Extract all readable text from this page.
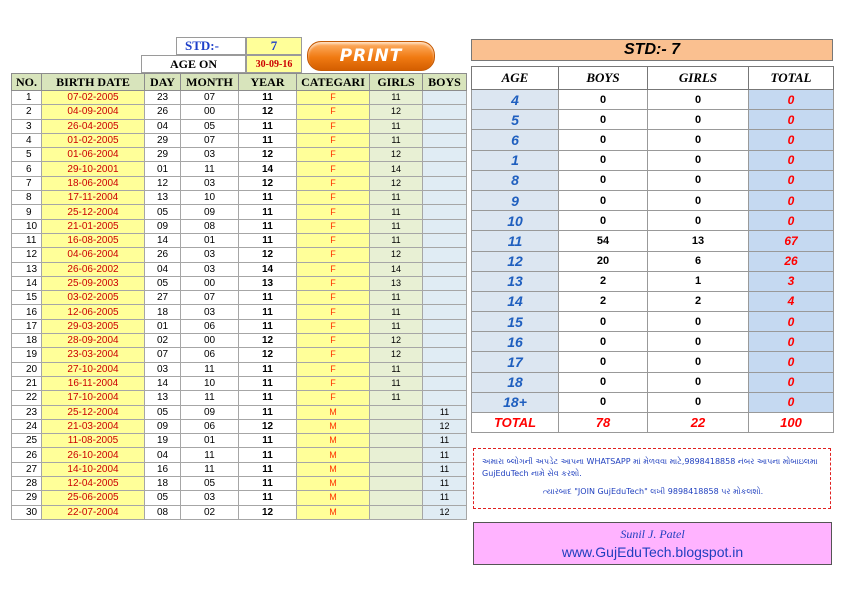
STD:-	7
AGE ON	30-09-16	PRINT
NO.	BIRTH DATE	DAY	MONTH	YEAR	CATEGARI	GIRLS	BOYS
1	07-02-2005	23	07	11	F	11	
2	04-09-2004	26	00	12	F	12	
3	26-04-2005	04	05	11	F	11	
4	01-02-2005	29	07	11	F	11	
5	01-06-2004	29	03	12	F	12	
6	29-10-2001	01	11	14	F	14	
7	18-06-2004	12	03	12	F	12	
8	17-11-2004	13	10	11	F	11	
9	25-12-2004	05	09	11	F	11	
10	21-01-2005	09	08	11	F	11	
11	16-08-2005	14	01	11	F	11	
12	04-06-2004	26	03	12	F	12	
13	26-06-2002	04	03	14	F	14	
14	25-09-2003	05	00	13	F	13	
15	03-02-2005	27	07	11	F	11	
16	12-06-2005	18	03	11	F	11	
17	29-03-2005	01	06	11	F	11	
18	28-09-2004	02	00	12	F	12	
19	23-03-2004	07	06	12	F	12	
20	27-10-2004	03	11	11	F	11	
21	16-11-2004	14	10	11	F	11	
22	17-10-2004	13	11	11	F	11	
23	25-12-2004	05	09	11	M		11
24	21-03-2004	09	06	12	M		12
25	11-08-2005	19	01	11	M		11
26	26-10-2004	04	11	11	M		11
27	14-10-2004	16	11	11	M		11
28	12-04-2005	18	05	11	M		11
29	25-06-2005	05	03	11	M		11
30	22-07-2004	08	02	12	M		12
STD:- 7
AGE	BOYS	GIRLS	TOTAL
4	0	0	0
5	0	0	0
6	0	0	0
1	0	0	0
8	0	0	0
9	0	0	0
10	0	0	0
11	54	13	67
12	20	6	26
13	2	1	3
14	2	2	4
15	0	0	0
16	0	0	0
17	0	0	0
18	0	0	0
18+	0	0	0
TOTAL	78	22	100
અમારા બ્લોગની અપડેટ આપના WHATSAPP માં મેળવવા માટે,9898418858 નંબર આપના મોબાઇલમા GujEduTech નામે સેવ કરશો.
ત્યારબાદ "JOIN GujEduTech" લખી 9898418858 પર મોકલશો.
Sunil J. Patel
www.GujEduTech.blogspot.in
